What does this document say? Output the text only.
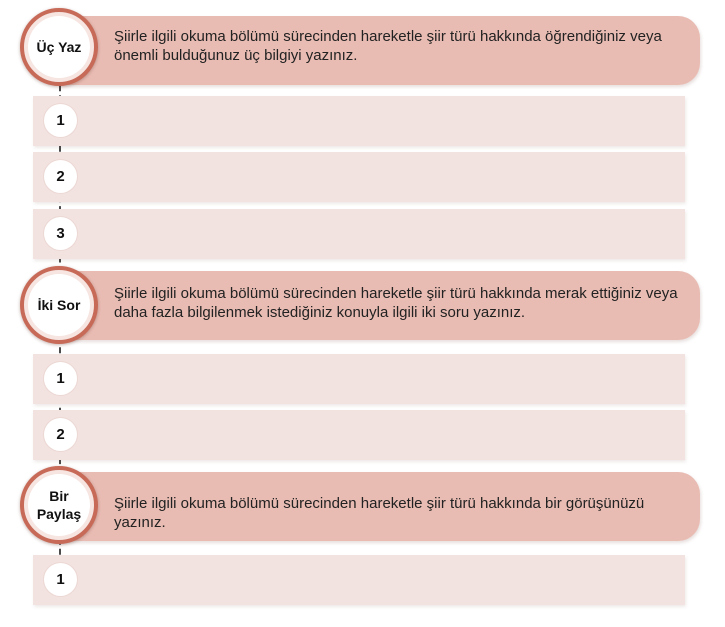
Şiirle ilgili okuma bölümü sürecinden hareketle şiir türü hakkında öğrendiğiniz veya önemli bulduğunuz üç bilgiyi yazınız.
Üç Yaz
1
2
3
Şiirle ilgili okuma bölümü sürecinden hareketle şiir türü hakkında merak ettiğiniz veya daha fazla bilgilenmek istediğiniz konuyla ilgili iki soru yazınız.
İki Sor
1
2
Şiirle ilgili okuma bölümü sürecinden hareketle şiir türü hakkında bir görüşünüzü yazınız.
Bir
Paylaş
1
